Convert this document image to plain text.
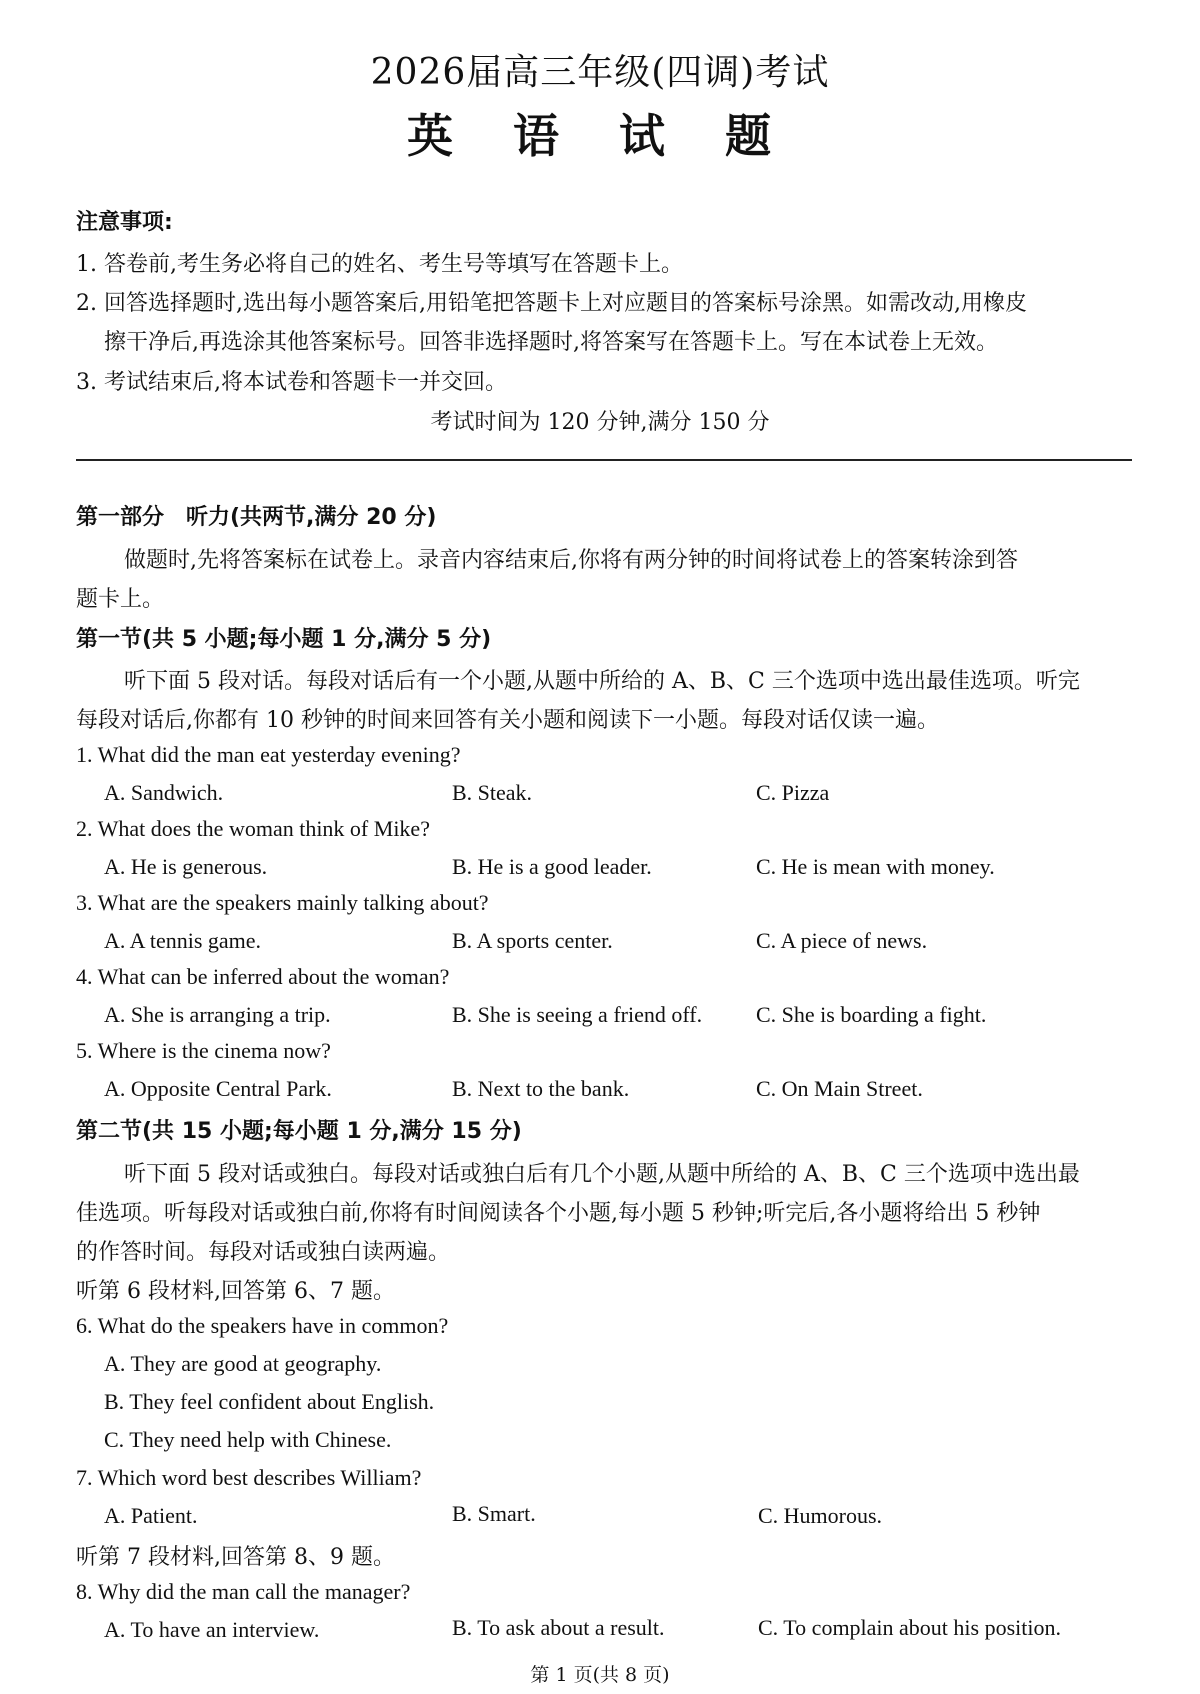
2026届高三年级(四调)考试
英 语 试 题
注意事项:
1. 答卷前,考生务必将自己的姓名、考生号等填写在答题卡上。
2. 回答选择题时,选出每小题答案后,用铅笔把答题卡上对应题目的答案标号涂黑。如需改动,用橡皮
擦干净后,再选涂其他答案标号。回答非选择题时,将答案写在答题卡上。写在本试卷上无效。
3. 考试结束后,将本试卷和答题卡一并交回。
考试时间为 120 分钟,满分 150 分
第一部分　听力(共两节,满分 20 分)
做题时,先将答案标在试卷上。录音内容结束后,你将有两分钟的时间将试卷上的答案转涂到答
题卡上。
第一节(共 5 小题;每小题 1 分,满分 5 分)
听下面 5 段对话。每段对话后有一个小题,从题中所给的 A、B、C 三个选项中选出最佳选项。听完
每段对话后,你都有 10 秒钟的时间来回答有关小题和阅读下一小题。每段对话仅读一遍。
1. What did the man eat yesterday evening?
A. Sandwich.	B. Steak.	C. Pizza
2. What does the woman think of Mike?
A. He is generous.	B. He is a good leader.	C. He is mean with money.
3. What are the speakers mainly talking about?
A. A tennis game.	B. A sports center.	C. A piece of news.
4. What can be inferred about the woman?
A. She is arranging a trip.	B. She is seeing a friend off. C. She is boarding a fight.
5. Where is the cinema now?
A. Opposite Central Park.	B. Next to the bank.	C. On Main Street.
第二节(共 15 小题;每小题 1 分,满分 15 分)
听下面 5 段对话或独白。每段对话或独白后有几个小题,从题中所给的 A、B、C 三个选项中选出最
佳选项。听每段对话或独白前,你将有时间阅读各个小题,每小题 5 秒钟;听完后,各小题将给出 5 秒钟
的作答时间。每段对话或独白读两遍。
听第 6 段材料,回答第 6、7 题。
6. What do the speakers have in common?
A. They are good at geography.
B. They feel confident about English.
C. They need help with Chinese.
7. Which word best describes William?
A. Patient.	B. Smart.	C. Humorous.
听第 7 段材料,回答第 8、9 题。
8. Why did the man call the manager?
A. To have an interview.	B. To ask about a result.	C. To complain about his position.
第 1 页(共 8 页)
